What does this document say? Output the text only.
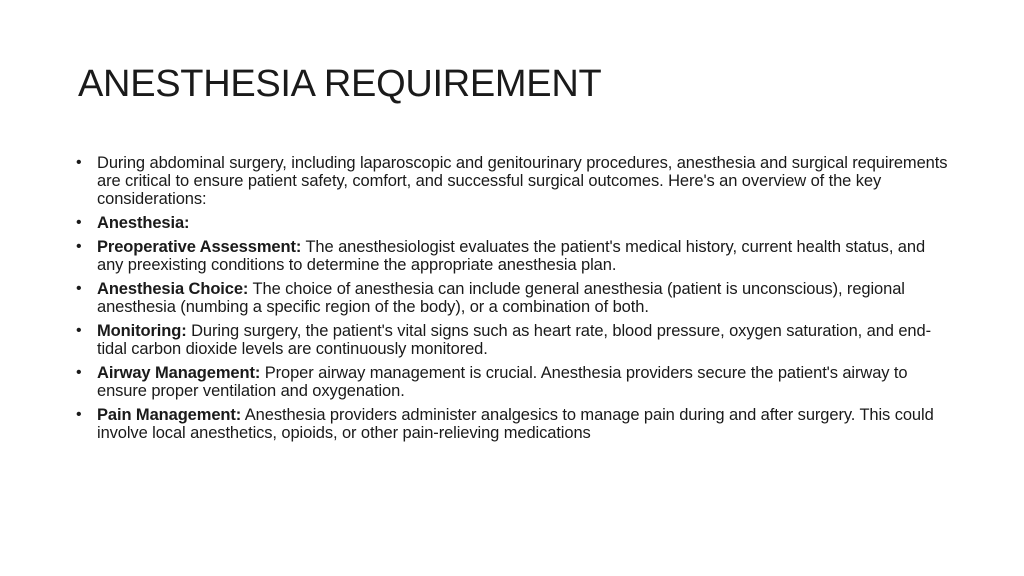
ANESTHESIA REQUIREMENT
• During abdominal surgery, including laparoscopic and genitourinary procedures, anesthesia and surgical requirements are critical to ensure patient safety, comfort, and successful surgical outcomes. Here's an overview of the key considerations:
• Anesthesia:
• Preoperative Assessment: The anesthesiologist evaluates the patient's medical history, current health status, and any preexisting conditions to determine the appropriate anesthesia plan.
• Anesthesia Choice: The choice of anesthesia can include general anesthesia (patient is unconscious), regional anesthesia (numbing a specific region of the body), or a combination of both.
• Monitoring: During surgery, the patient's vital signs such as heart rate, blood pressure, oxygen saturation, and end-tidal carbon dioxide levels are continuously monitored.
• Airway Management: Proper airway management is crucial. Anesthesia providers secure the patient's airway to ensure proper ventilation and oxygenation.
• Pain Management: Anesthesia providers administer analgesics to manage pain during and after surgery. This could involve local anesthetics, opioids, or other pain-relieving medications
